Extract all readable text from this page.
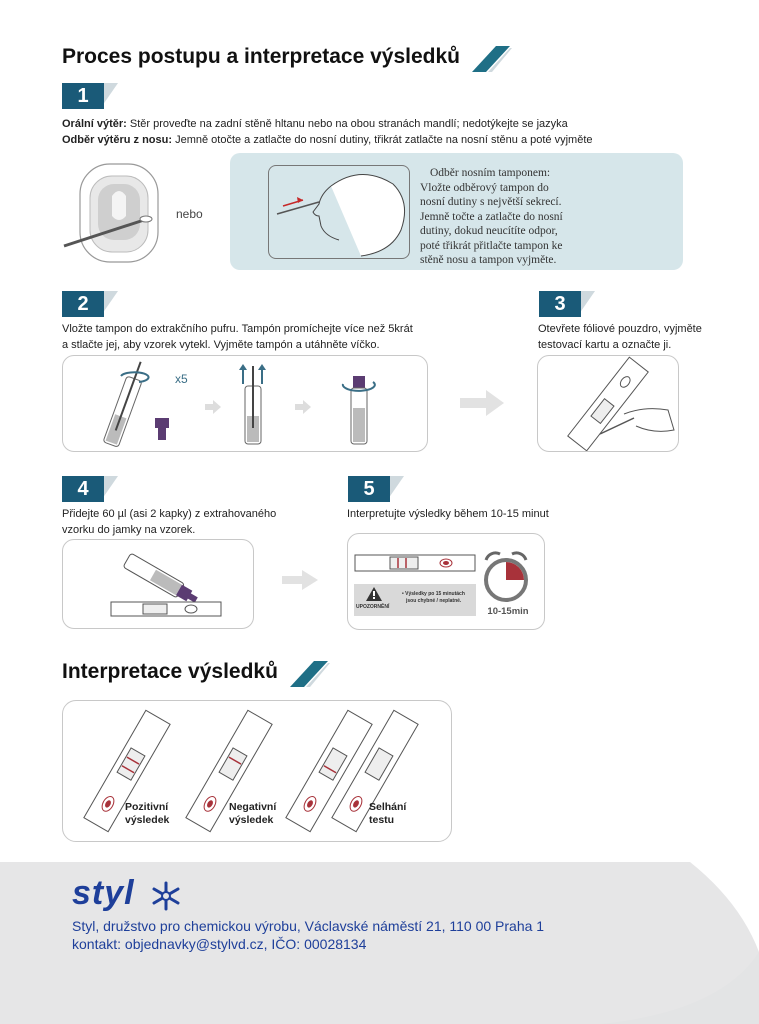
Proces postupu a interpretace výsledků
1
Orální výtěr: Stěr proveďte na zadní stěně hltanu nebo na obou stranách mandlí; nedotýkejte se jazyka
Odběr výtěru z nosu: Jemně otočte a zatlačte do nosní dutiny, třikrát zatlačte na nosní stěnu a poté vyjměte
nebo
Odběr nosním tamponem:
Vložte odběrový tampon do
nosní dutiny s největší sekrecí.
Jemně točte a zatlačte do nosní
dutiny, dokud neucítíte odpor,
poté třikrát přitlačte tampon ke
stěně nosu a tampon vyjměte.
2
Vložte tampon do extrakčního pufru. Tampón promíchejte více než 5krát
a stlačte jej, aby vzorek vytekl. Vyjměte tampón a utáhněte víčko.
x5
3
Otevřete fóliové pouzdro, vyjměte
testovací kartu a označte ji.
4
Přidejte 60 µl (asi 2 kapky) z extrahovaného
vzorku do jamky na vzorek.
5
Interpretujte výsledky během 10-15 minut
UPOZORNĚNÍ
• Výsledky po 15 minutách
jsou chybné / neplatné.
10-15min
Interpretace výsledků
Pozitivní
výsledek
Negativní
výsledek
Selhání
testu
styl
Styl, družstvo pro chemickou výrobu, Václavské náměstí 21, 110 00 Praha 1
kontakt: objednavky@stylvd.cz, IČO: 00028134
